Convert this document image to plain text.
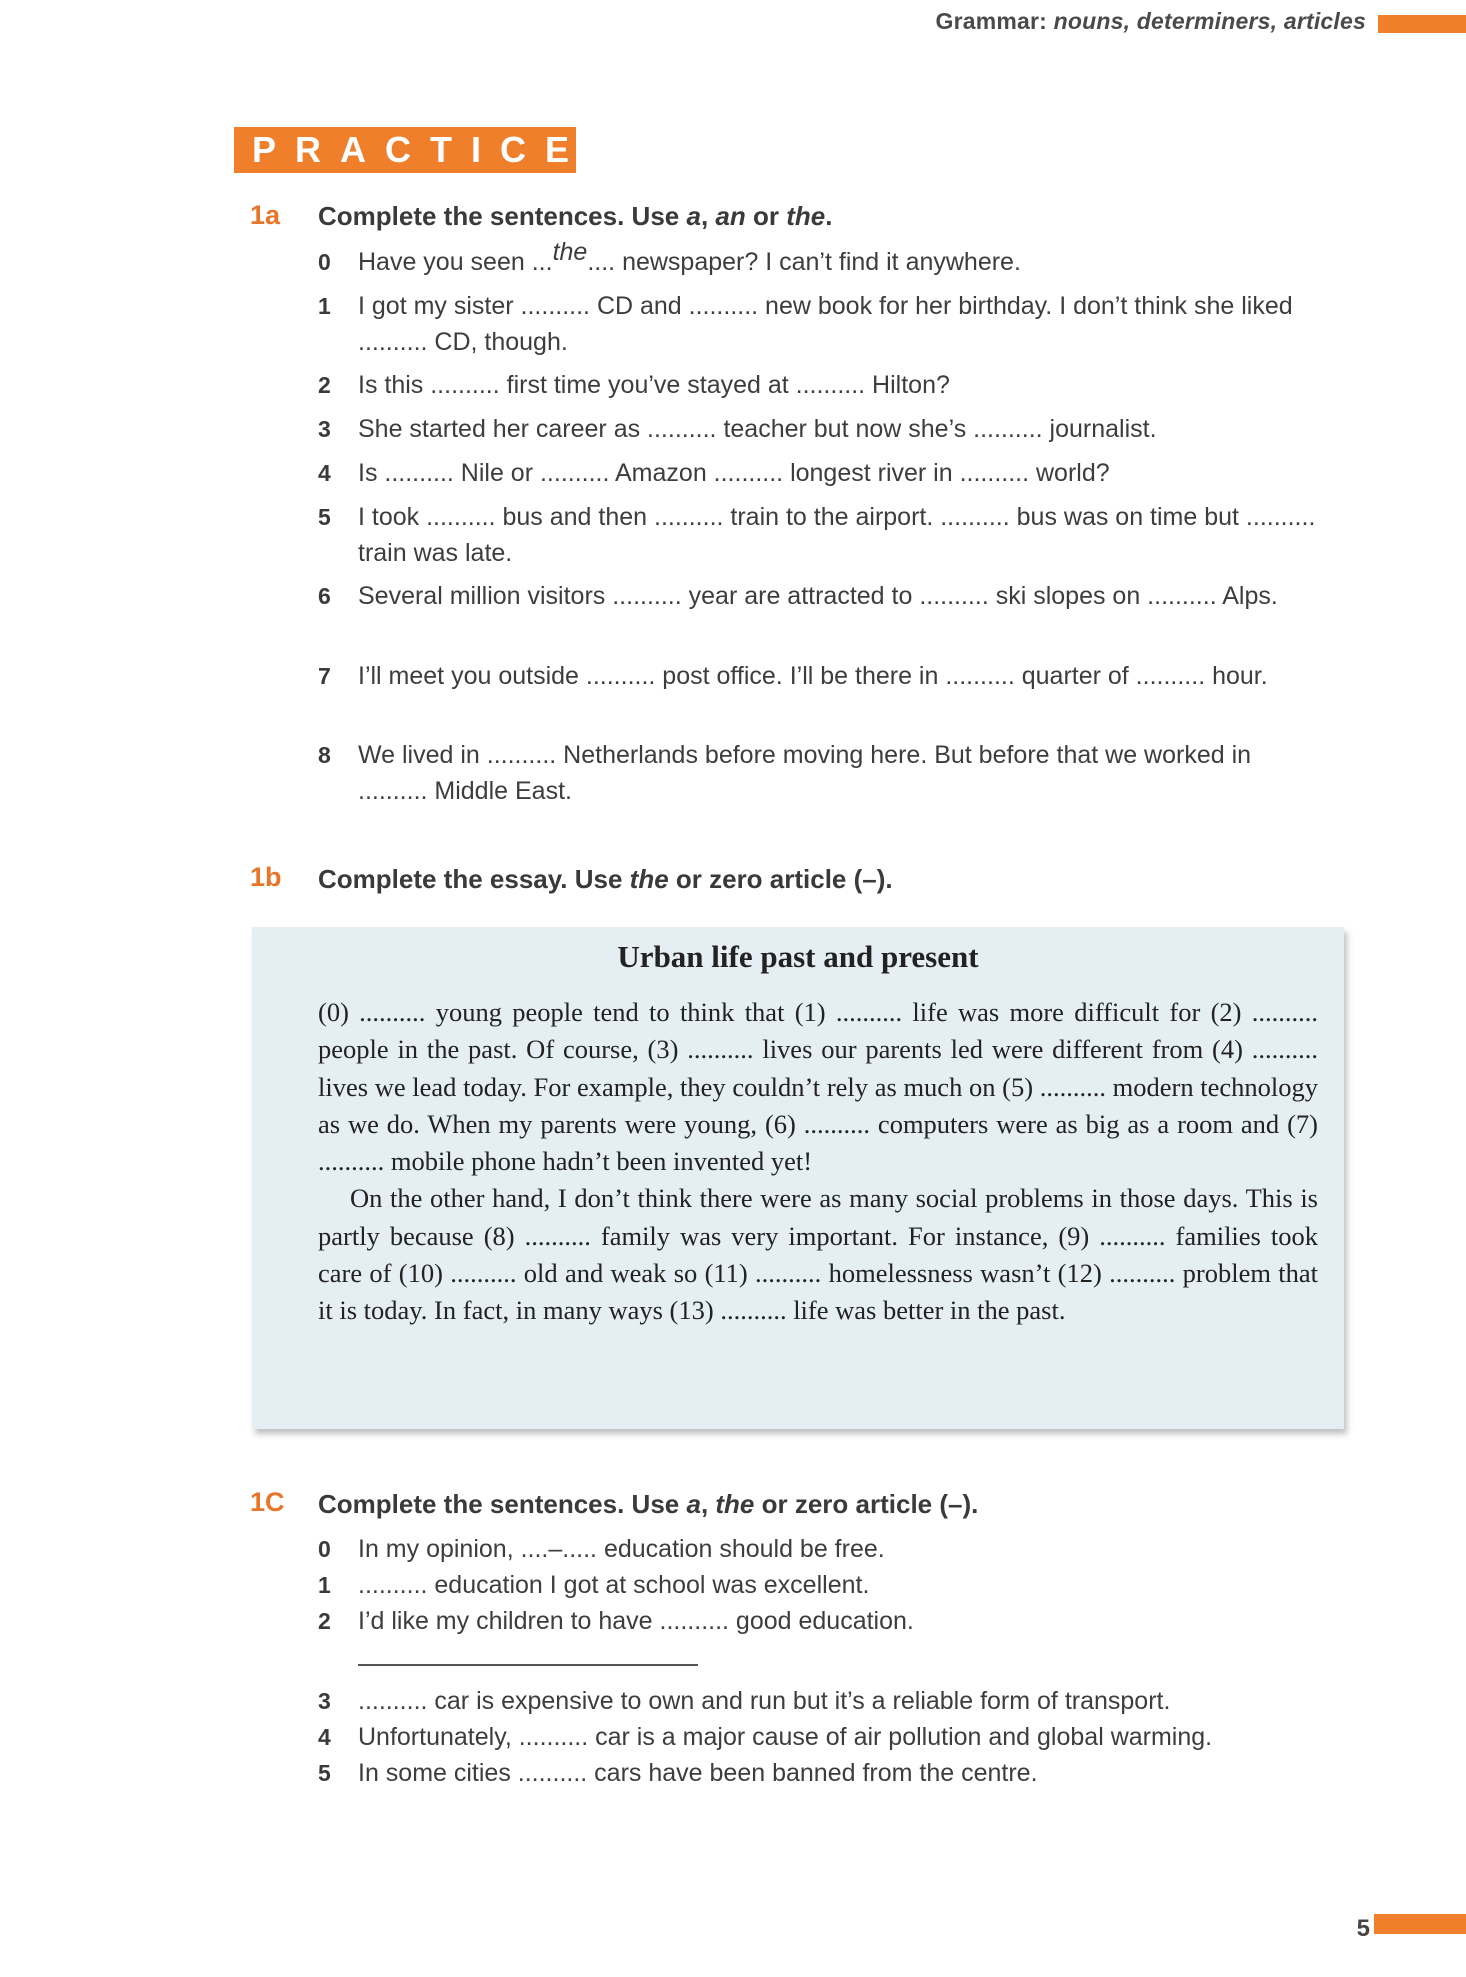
Grammar: nouns, determiners, articles
PRACTICE
1a Complete the sentences. Use a, an or the.
0	Have you seen ...the.... newspaper? I can’t find it anywhere.
1	I got my sister .......... CD and .......... new book for her birthday. I don’t think she liked .......... CD, though.
2	Is this .......... first time you’ve stayed at .......... Hilton?
3	She started her career as .......... teacher but now she’s .......... journalist.
4	Is .......... Nile or .......... Amazon .......... longest river in .......... world?
5	I took .......... bus and then .......... train to the airport. .......... bus was on time but .......... train was late.
6	Several million visitors .......... year are attracted to .......... ski slopes on .......... Alps.
7	I’ll meet you outside .......... post office. I’ll be there in .......... quarter of .......... hour.
8	We lived in .......... Netherlands before moving here. But before that we worked in .......... Middle East.
1b Complete the essay. Use the or zero article (–).
Urban life past and present

(0) .......... young people tend to think that (1) .......... life was more difficult for (2) .......... people in the past. Of course, (3) .......... lives our parents led were different from (4) .......... lives we lead today. For example, they couldn’t rely as much on (5) .......... modern technology as we do. When my parents were young, (6) .......... computers were as big as a room and (7) .......... mobile phone hadn’t been invented yet!

On the other hand, I don’t think there were as many social problems in those days. This is partly because (8) .......... family was very important. For instance, (9) .......... families took care of (10) .......... old and weak so (11) .......... homelessness wasn’t (12) .......... problem that it is today. In fact, in many ways (13) .......... life was better in the past.

1C Complete the sentences. Use a, the or zero article (–).
0	In my opinion, ....–..... education should be free.
1	.......... education I got at school was excellent.
2	I’d like my children to have .......... good education.
3	.......... car is expensive to own and run but it’s a reliable form of transport.
4	Unfortunately, .......... car is a major cause of air pollution and global warming.
5	In some cities .......... cars have been banned from the centre.
5
